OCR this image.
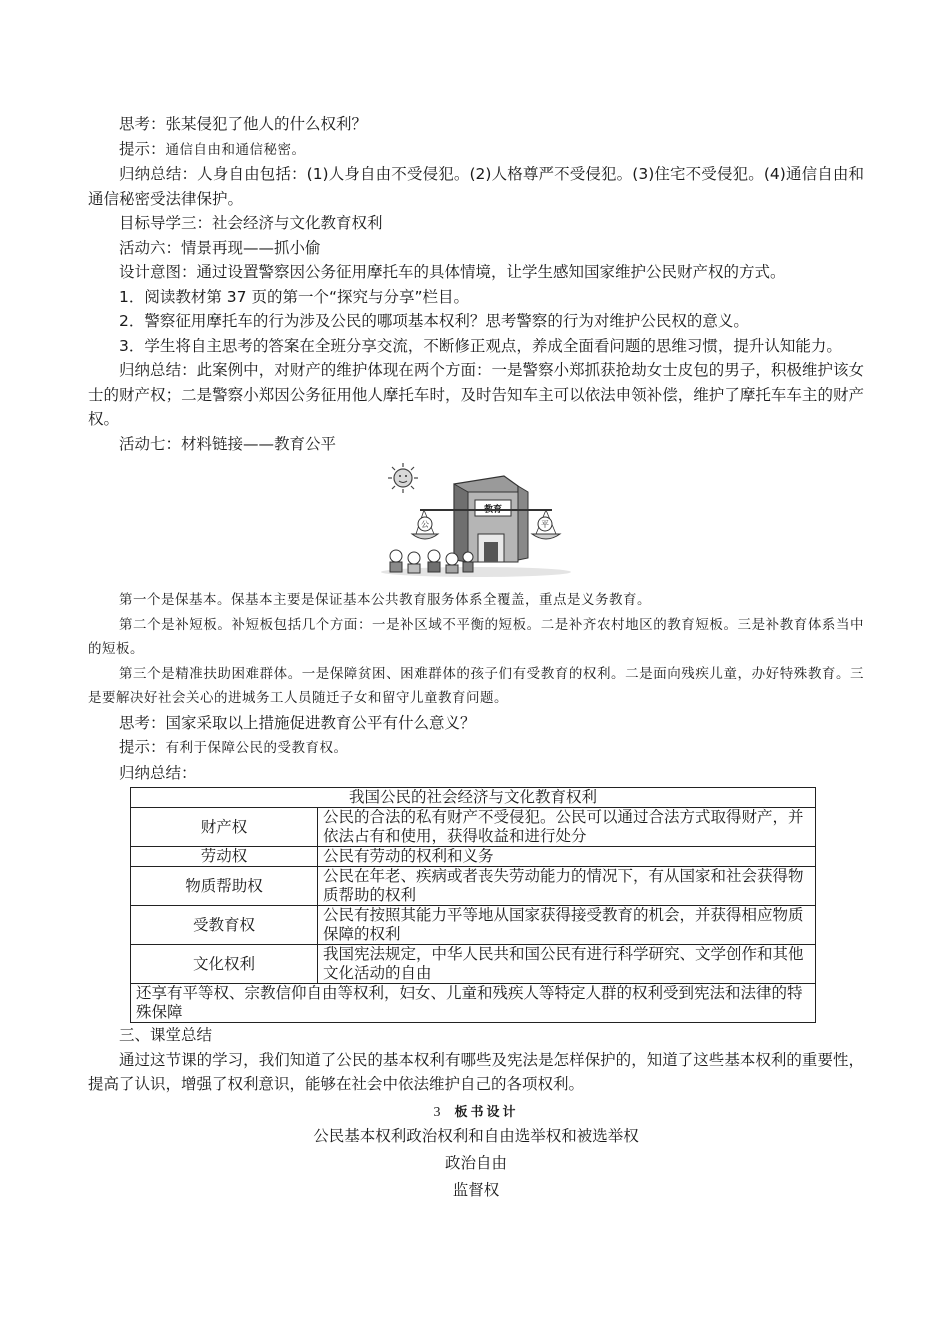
思考：张某侵犯了他人的什么权利？

提示：通信自由和通信秘密。

归纳总结：人身自由包括：(1)人身自由不受侵犯。(2)人格尊严不受侵犯。(3)住宅不受侵犯。(4)通信自由和通信秘密受法律保护。

目标导学三：社会经济与文化教育权利

活动六：情景再现——抓小偷

设计意图：通过设置警察因公务征用摩托车的具体情境，让学生感知国家维护公民财产权的方式。

1．阅读教材第 37 页的第一个“探究与分享”栏目。

2．警察征用摩托车的行为涉及公民的哪项基本权利？思考警察的行为对维护公民权的意义。

3．学生将自主思考的答案在全班分享交流，不断修正观点，养成全面看问题的思维习惯，提升认知能力。

归纳总结：此案例中，对财产的维护体现在两个方面：一是警察小郑抓获抢劫女士皮包的男子，积极维护该女士的财产权；二是警察小郑因公务征用他人摩托车时，及时告知车主可以依法申领补偿，维护了摩托车车主的财产权。

活动七：材料链接——教育公平

教育
公	平

第一个是保基本。保基本主要是保证基本公共教育服务体系全覆盖，重点是义务教育。

第二个是补短板。补短板包括几个方面：一是补区域不平衡的短板。二是补齐农村地区的教育短板。三是补教育体系当中的短板。

第三个是精准扶助困难群体。一是保障贫困、困难群体的孩子们有受教育的权利。二是面向残疾儿童，办好特殊教育。三是要解决好社会关心的进城务工人员随迁子女和留守儿童教育问题。

思考：国家采取以上措施促进教育公平有什么意义？

提示：有利于保障公民的受教育权。

归纳总结：

我国公民的社会经济与文化教育权利	
财产权	公民的合法的私有财产不受侵犯。公民可以通过合法方式取得财产，并依法占有和使用，获得收益和进行处分
劳动权	公民有劳动的权利和义务
物质帮助权	公民在年老、疾病或者丧失劳动能力的情况下，有从国家和社会获得物质帮助的权利
受教育权	公民有按照其能力平等地从国家获得接受教育的机会，并获得相应物质保障的权利
文化权利	我国宪法规定，中华人民共和国公民有进行科学研究、文学创作和其他文化活动的自由
还享有平等权、宗教信仰自由等权利，妇女、儿童和残疾人等特定人群的权利受到宪法和法律的特殊保障	

三、课堂总结

通过这节课的学习，我们知道了公民的基本权利有哪些及宪法是怎样保护的，知道了这些基本权利的重要性，提高了认识，增强了权利意识，能够在社会中依法维护自己的各项权利。

3 板书设计

公民基本权利政治权利和自由选举权和被选举权

政治自由

监督权
